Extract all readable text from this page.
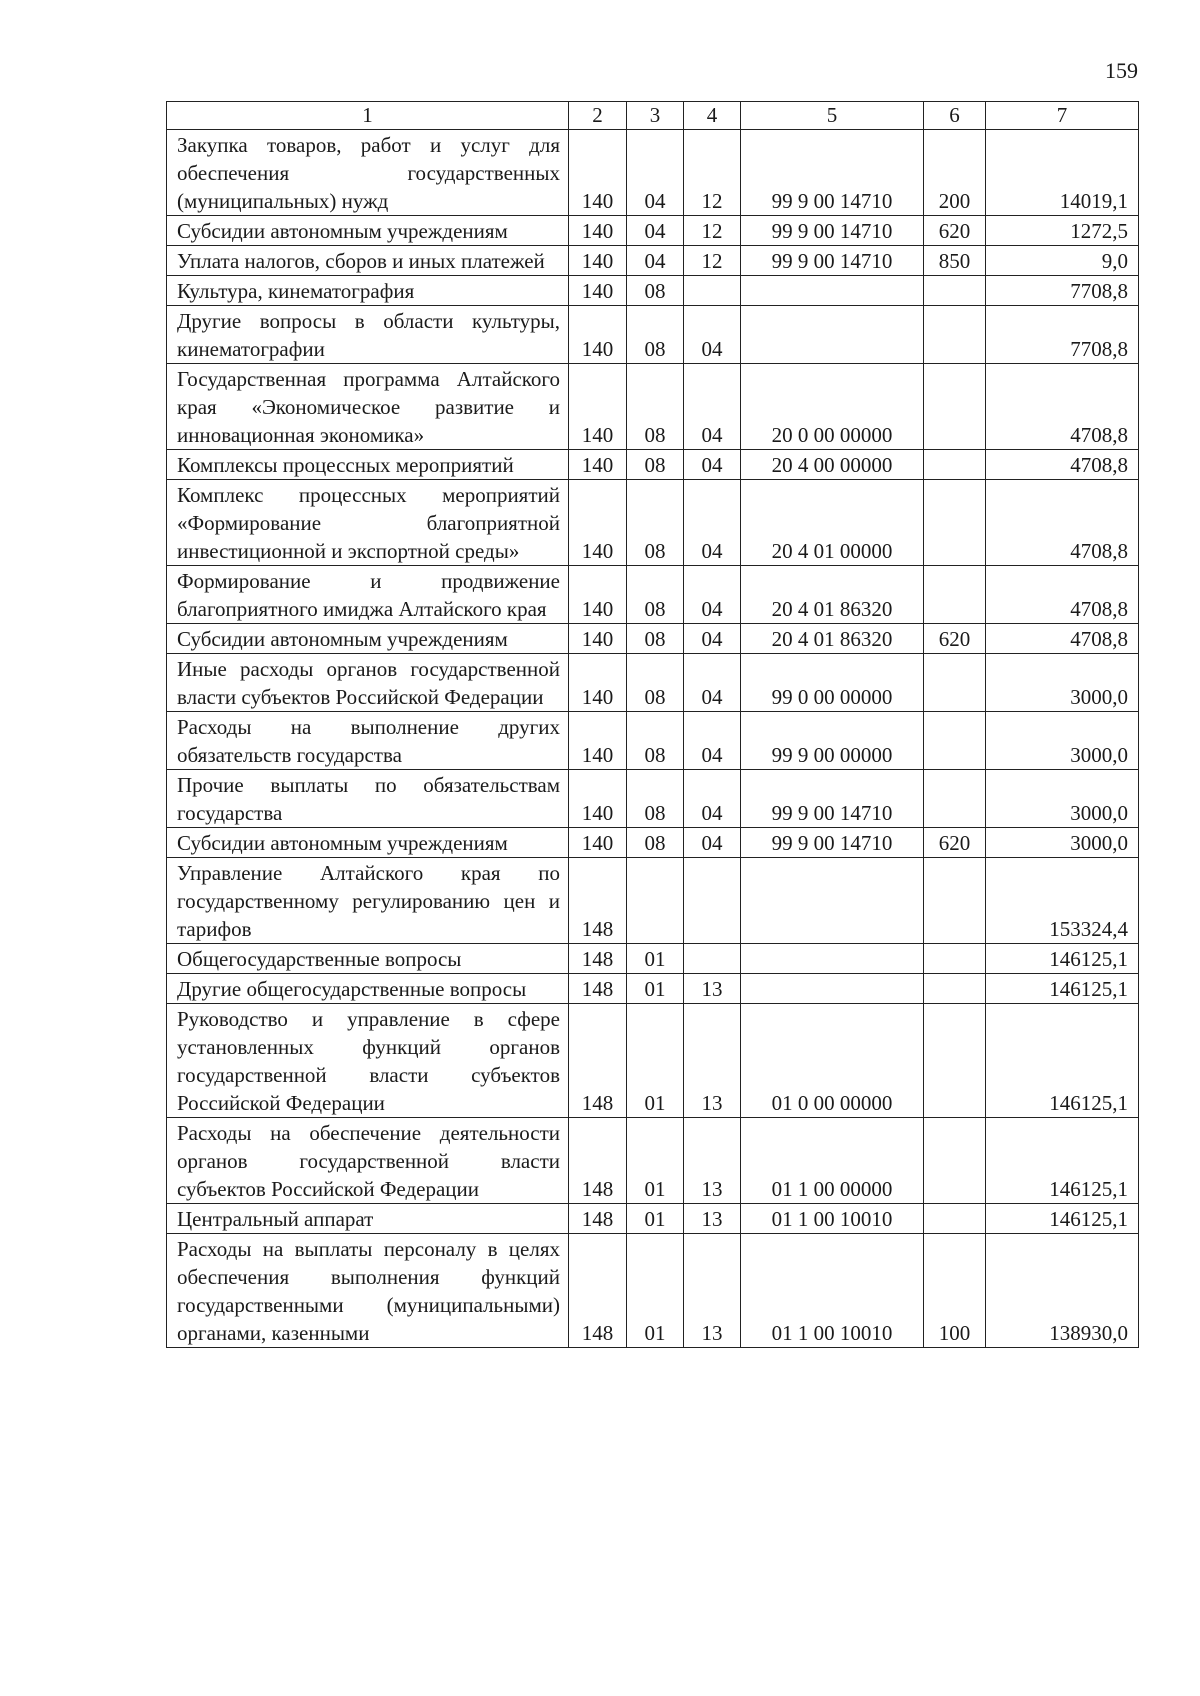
159
1	2	3	4	5	6	7
Закупка товаров, работ и услуг для обеспечения государственных (муниципальных) нужд	140	04	12	99 9 00 14710	200	14019,1
Субсидии автономным учреждениям	140	04	12	99 9 00 14710	620	1272,5
Уплата налогов, сборов и иных платежей	140	04	12	99 9 00 14710	850	9,0
Культура, кинематография	140	08				7708,8
Другие вопросы в области культуры, кинематографии	140	08	04			7708,8
Государственная программа Алтайского края «Экономическое развитие и инновационная экономика»	140	08	04	20 0 00 00000		4708,8
Комплексы процессных мероприятий	140	08	04	20 4 00 00000		4708,8
Комплекс процессных мероприятий «Формирование благоприятной инвестиционной и экспортной среды»	140	08	04	20 4 01 00000		4708,8
Формирование и продвижение благоприятного имиджа Алтайского края	140	08	04	20 4 01 86320		4708,8
Субсидии автономным учреждениям	140	08	04	20 4 01 86320	620	4708,8
Иные расходы органов государственной власти субъектов Российской Федерации	140	08	04	99 0 00 00000		3000,0
Расходы на выполнение других обязательств государства	140	08	04	99 9 00 00000		3000,0
Прочие выплаты по обязательствам государства	140	08	04	99 9 00 14710		3000,0
Субсидии автономным учреждениям	140	08	04	99 9 00 14710	620	3000,0
Управление Алтайского края по государственному регулированию цен и тарифов	148					153324,4
Общегосударственные вопросы	148	01				146125,1
Другие общегосударственные вопросы	148	01	13			146125,1
Руководство и управление в сфере установленных функций органов государственной власти субъектов Российской Федерации	148	01	13	01 0 00 00000		146125,1
Расходы на обеспечение деятельности органов государственной власти субъектов Российской Федерации	148	01	13	01 1 00 00000		146125,1
Центральный аппарат	148	01	13	01 1 00 10010		146125,1
Расходы на выплаты персоналу в целях обеспечения выполнения функций государственными (муниципальными) органами, казенными	148	01	13	01 1 00 10010	100	138930,0
